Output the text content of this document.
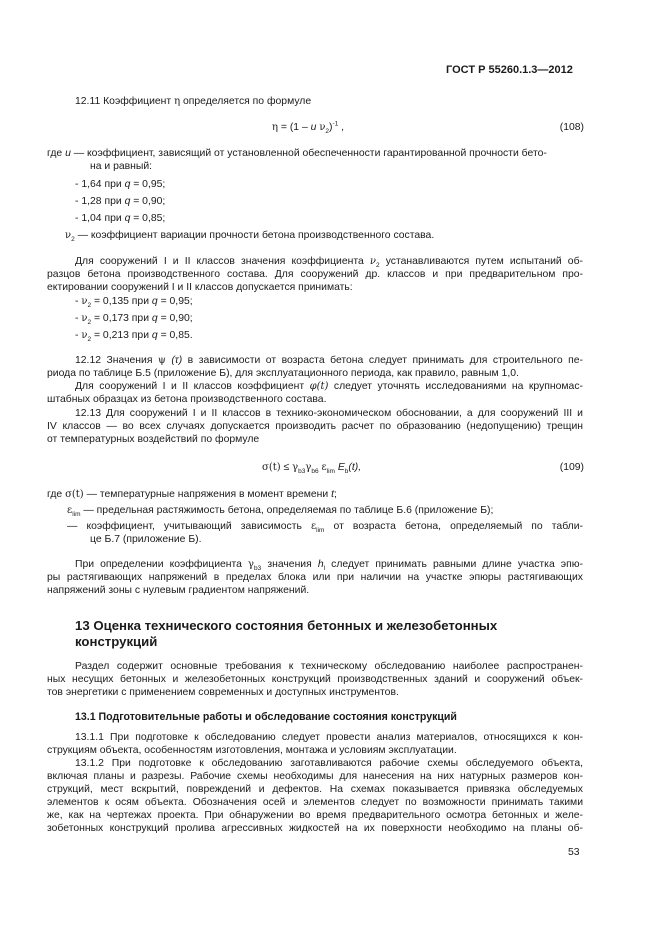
ГОСТ Р 55260.1.3—2012
12.11 Коэффициент η определяется по формуле
η = (1 – u $\nu_2)^{-1}$ ,	(108)
где u — коэффициент, зависящий от установленной обеспеченности гарантированной прочности бето-
на и равный:
- 1,64 при q = 0,95;
- 1,28 при q = 0,90;
- 1,04 при q = 0,85;
$\nu_2$ — коэффициент вариации прочности бетона производственного состава.
Для сооружений I и II классов значения коэффициента $\nu_2$ устанавливаются путем испытаний об-
разцов бетона производственного состава. Для сооружений др. классов и при предварительном про-
ектировании сооружений I и II классов допускается принимать:
- $\nu_2 = 0,135$ при q = 0,95;
- $\nu_2 = 0,173$ при q = 0,90;
- $\nu_2 = 0,213$ при q = 0,85.
12.12 Значения ψ (τ) в зависимости от возраста бетона следует принимать для строительного пе-
риода по таблице Б.5 (приложение Б), для эксплуатационного периода, как правило, равным 1,0.
Для сооружений I и II классов коэффициент φ(t) следует уточнять исследованиями на крупномас-
штабных образцах из бетона производственного состава.
12.13 Для сооружений I и II классов в технико-экономическом обосновании, а для сооружений III и
IV классов — во всех случаях допускается производить расчет по образованию (недопущению) трещин
от температурных воздействий по формуле
$\sigma(t) \le \gamma_{b3}\gamma_{b6}$ $\varepsilon_{lim}$ $E_b(t)$,	(109)
где σ(t) — температурные напряжения в момент времени t;
$\varepsilon_{lim}$ — предельная растяжимость бетона, определяемая по таблице Б.6 (приложение Б);
— коэффициент, учитывающий зависимость $\varepsilon_{lim}$ от возраста бетона, определяемый по табли-
це Б.7 (приложение Б).
При определении коэффициента $\gamma_{b3}$ значения $h_l$ следует принимать равными длине участка эпю-
ры растягивающих напряжений в пределах блока или при наличии на участке эпюры растягивающих
напряжений зоны с нулевым градиентом напряжений.
13 Оценка технического состояния бетонных и железобетонных
конструкций
Раздел содержит основные требования к техническому обследованию наиболее распространен-
ных несущих бетонных и железобетонных конструкций производственных зданий и сооружений объек-
тов энергетики с применением современных и доступных инструментов.
13.1 Подготовительные работы и обследование состояния конструкций
13.1.1 При подготовке к обследованию следует провести анализ материалов, относящихся к кон-
струкциям объекта, особенностям изготовления, монтажа и условиям эксплуатации.
13.1.2 При подготовке к обследованию заготавливаются рабочие схемы обследуемого объекта,
включая планы и разрезы. Рабочие схемы необходимы для нанесения на них натурных размеров кон-
струкций, мест вскрытий, повреждений и дефектов. На схемах показывается привязка обследуемых
элементов к осям объекта. Обозначения осей и элементов следует по возможности принимать такими
же, как на чертежах проекта. При обнаружении во время предварительного осмотра бетонных и желе-
зобетонных конструкций пролива агрессивных жидкостей на их поверхности необходимо на планы об-
53
